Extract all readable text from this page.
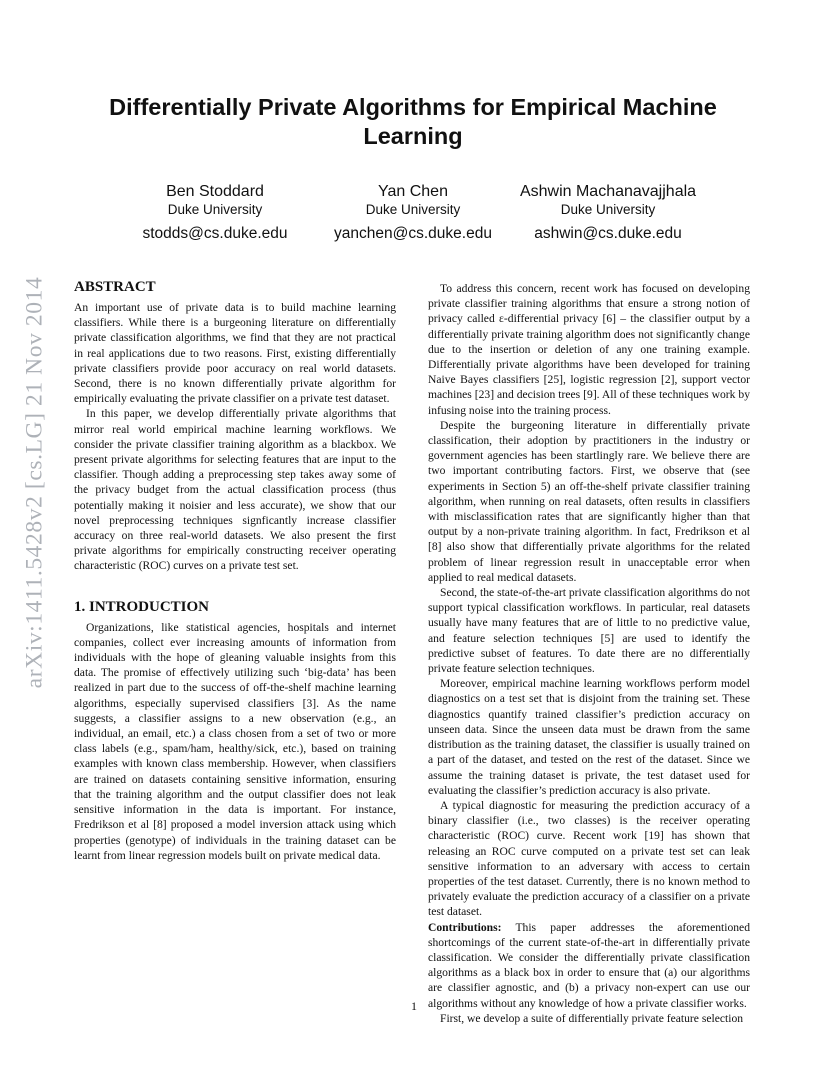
arXiv:1411.5428v2 [cs.LG] 21 Nov 2014
Differentially Private Algorithms for Empirical Machine Learning
Ben Stoddard
Duke University
stodds@cs.duke.edu
Yan Chen
Duke University
yanchen@cs.duke.edu
Ashwin Machanavajjhala
Duke University
ashwin@cs.duke.edu
ABSTRACT

An important use of private data is to build machine learning classifiers. While there is a burgeoning literature on differentially private classification algorithms, we find that they are not practical in real applications due to two reasons. First, existing differentially private classifiers provide poor accuracy on real world datasets. Second, there is no known differentially private algorithm for empirically evaluating the private classifier on a private test dataset.

In this paper, we develop differentially private algorithms that mirror real world empirical machine learning workflows. We consider the private classifier training algorithm as a blackbox. We present private algorithms for selecting features that are input to the classifier. Though adding a preprocessing step takes away some of the privacy budget from the actual classification process (thus potentially making it noisier and less accurate), we show that our novel preprocessing techniques signficantly increase classifier accuracy on three real-world datasets. We also present the first private algorithms for empirically constructing receiver operating characteristic (ROC) curves on a private test set.

1. INTRODUCTION

Organizations, like statistical agencies, hospitals and internet companies, collect ever increasing amounts of information from individuals with the hope of gleaning valuable insights from this data. The promise of effectively utilizing such ‘big-data’ has been realized in part due to the success of off-the-shelf machine learning algorithms, especially supervised classifiers [3]. As the name suggests, a classifier assigns to a new observation (e.g., an individual, an email, etc.) a class chosen from a set of two or more class labels (e.g., spam/ham, healthy/sick, etc.), based on training examples with known class membership. However, when classifiers are trained on datasets containing sensitive information, ensuring that the training algorithm and the output classifier does not leak sensitive information in the data is important. For instance, Fredrikson et al [8] proposed a model inversion attack using which properties (genotype) of individuals in the training dataset can be learnt from linear regression models built on private medical data.

To address this concern, recent work has focused on developing private classifier training algorithms that ensure a strong notion of privacy called ε-differential privacy [6] – the classifier output by a differentially private training algorithm does not significantly change due to the insertion or deletion of any one training example. Differentially private algorithms have been developed for training Naive Bayes classifiers [25], logistic regression [2], support vector machines [23] and decision trees [9]. All of these techniques work by infusing noise into the training process.

Despite the burgeoning literature in differentially private classification, their adoption by practitioners in the industry or government agencies has been startlingly rare. We believe there are two important contributing factors. First, we observe that (see experiments in Section 5) an off-the-shelf private classifier training algorithm, when running on real datasets, often results in classifiers with misclassification rates that are significantly higher than that output by a non-private training algorithm. In fact, Fredrikson et al [8] also show that differentially private algorithms for the related problem of linear regression result in unacceptable error when applied to real medical datasets.

Second, the state-of-the-art private classification algorithms do not support typical classification workflows. In particular, real datasets usually have many features that are of little to no predictive value, and feature selection techniques [5] are used to identify the predictive subset of features. To date there are no differentially private feature selection techniques.

Moreover, empirical machine learning workflows perform model diagnostics on a test set that is disjoint from the training set. These diagnostics quantify trained classifier’s prediction accuracy on unseen data. Since the unseen data must be drawn from the same distribution as the training dataset, the classifier is usually trained on a part of the dataset, and tested on the rest of the dataset. Since we assume the training dataset is private, the test dataset used for evaluating the classifier’s prediction accuracy is also private.

A typical diagnostic for measuring the prediction accuracy of a binary classifier (i.e., two classes) is the receiver operating characteristic (ROC) curve. Recent work [19] has shown that releasing an ROC curve computed on a private test set can leak sensitive information to an adversary with access to certain properties of the test dataset. Currently, there is no known method to privately evaluate the prediction accuracy of a classifier on a private test dataset.

Contributions: This paper addresses the aforementioned shortcomings of the current state-of-the-art in differentially private classification. We consider the differentially private classification algorithms as a black box in order to ensure that (a) our algorithms are classifier agnostic, and (b) a privacy non-expert can use our algorithms without any knowledge of how a private classifier works.

First, we develop a suite of differentially private feature selection

1
